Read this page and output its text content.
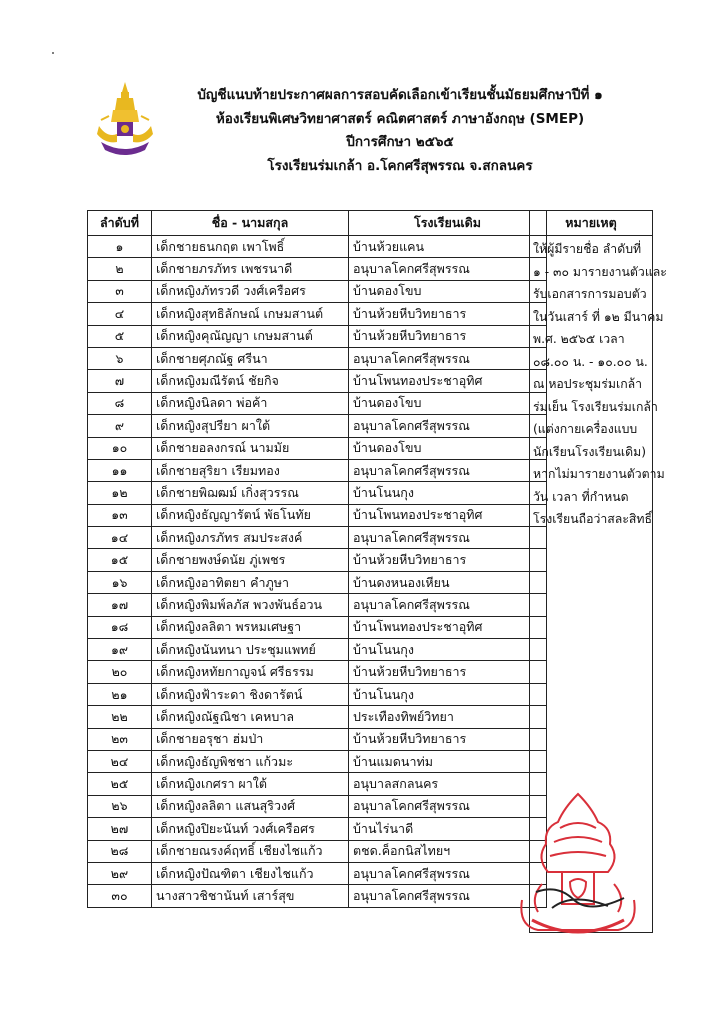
บัญชีแนบท้ายประกาศผลการสอบคัดเลือกเข้าเรียนชั้นมัธยมศึกษาปีที่ ๑
ห้องเรียนพิเศษวิทยาศาสตร์ คณิตศาสตร์ ภาษาอังกฤษ (SMEP)
ปีการศึกษา ๒๕๖๕
โรงเรียนร่มเกล้า อ.โคกศรีสุพรรณ จ.สกลนคร
ลำดับที่	ชื่อ - นามสกุล	โรงเรียนเดิม
๑	เด็กชายธนกฤต เพาโพธิ์	บ้านห้วยแคน
๒	เด็กชายภรภัทร เพชรนาดี	อนุบาลโคกศรีสุพรรณ
๓	เด็กหญิงภัทรวดี วงศ์เครือศร	บ้านดองโขบ
๔	เด็กหญิงสุทธิลักษณ์ เกษมสานต์	บ้านห้วยหีบวิทยาธาร
๕	เด็กหญิงคุณัญญา เกษมสานต์	บ้านห้วยหีบวิทยาธาร
๖	เด็กชายศุภณัฐ ศรีนา	อนุบาลโคกศรีสุพรรณ
๗	เด็กหญิงมณีรัตน์ ชัยกิจ	บ้านโพนทองประชาอุทิศ
๘	เด็กหญิงนิลดา พ่อค้า	บ้านดองโขบ
๙	เด็กหญิงสุปรียา ผาใต้	อนุบาลโคกศรีสุพรรณ
๑๐	เด็กชายอลงกรณ์ นามมัย	บ้านดองโขบ
๑๑	เด็กชายสุริยา เรียมทอง	อนุบาลโคกศรีสุพรรณ
๑๒	เด็กชายพิฌฒม์ เกิ่งสุวรรณ	บ้านโนนกุง
๑๓	เด็กหญิงธัญญารัตน์ พัธโนทัย	บ้านโพนทองประชาอุทิศ
๑๔	เด็กหญิงภรภัทร สมประสงค์	อนุบาลโคกศรีสุพรรณ
๑๕	เด็กชายพงษ์ดนัย ภู่เพชร	บ้านห้วยหีบวิทยาธาร
๑๖	เด็กหญิงอาทิตยา คำภูษา	บ้านดงหนองเหียน
๑๗	เด็กหญิงพิมพ์ลภัส พวงพันธ์อวน	อนุบาลโคกศรีสุพรรณ
๑๘	เด็กหญิงลลิตา พรหมเศษฐา	บ้านโพนทองประชาอุทิศ
๑๙	เด็กหญิงนันทนา ประชุมแพทย์	บ้านโนนกุง
๒๐	เด็กหญิงหทัยกาญจน์ ศรีธรรม	บ้านห้วยหีบวิทยาธาร
๒๑	เด็กหญิงฟ้าระดา ชิงดารัตน์	บ้านโนนกุง
๒๒	เด็กหญิงณัฐณิชา เคหบาล	ประเทืองทิพย์วิทยา
๒๓	เด็กชายอรุชา ฮ่มป่า	บ้านห้วยหีบวิทยาธาร
๒๔	เด็กหญิงธัญพิชชา แก้วมะ	บ้านแมดนาท่ม
๒๕	เด็กหญิงเกศรา ผาใต้	อนุบาลสกลนคร
๒๖	เด็กหญิงลลิตา แสนสุริวงศ์	อนุบาลโคกศรีสุพรรณ
๒๗	เด็กหญิงปิยะนันท์ วงศ์เครือศร	บ้านไร่นาดี
๒๘	เด็กชายณรงค์ฤทธิ์ เชียงไชแก้ว	ตชด.ค็อกนิสไทยฯ
๒๙	เด็กหญิงปัณฑิตา เชียงไชแก้ว	อนุบาลโคกศรีสุพรรณ
๓๐	นางสาวชิชานันท์ เสาร์สุข	อนุบาลโคกศรีสุพรรณ
หมายเหตุ

ให้ผู้มีรายชื่อ ลำดับที่
๑ - ๓๐ มารายงานตัวและ
รับเอกสารการมอบตัว
ในวันเสาร์ ที่ ๑๒ มีนาคม
พ.ศ. ๒๕๖๕ เวลา
๐๘.๐๐ น. - ๑๐.๐๐ น.
ณ หอประชุมร่มเกล้า
ร่มเย็น โรงเรียนร่มเกล้า
(แต่งกายเครื่องแบบ
นักเรียนโรงเรียนเดิม)
หากไม่มารายงานตัวตาม
วัน เวลา ที่กำหนด
โรงเรียนถือว่าสละสิทธิ์
